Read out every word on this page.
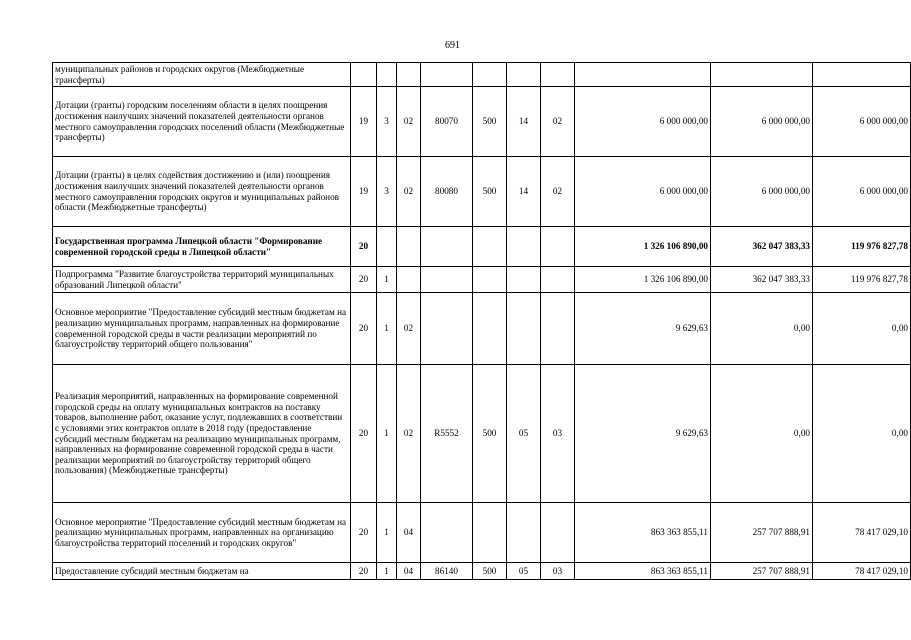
691
муниципальных районов и городских округов (Межбюджетные трансферты)										
Дотации (гранты) городским поселениям области в целях поощрения достижения наилучших значений показателей деятельности органов местного самоуправления городских поселений области (Межбюджетные трансферты)	19	3	02	80070	500	14	02	6 000 000,00	6 000 000,00	6 000 000,00
Дотации (гранты) в целях содействия достижению и (или) поощрения достижения наилучших значений показателей деятельности органов местного самоуправления городских округов и муниципальных районов области (Межбюджетные трансферты)	19	3	02	80080	500	14	02	6 000 000,00	6 000 000,00	6 000 000,00
Государственная программа Липецкой области "Формирование современной городской среды в Липецкой области"	20							1 326 106 890,00	362 047 383,33	119 976 827,78
Подпрограмма "Развитие благоустройства территорий муниципальных образований Липецкой области"	20	1						1 326 106 890,00	362 047 383,33	119 976 827,78
Основное мероприятие "Предоставление субсидий местным бюджетам на реализацию муниципальных программ, направленных на формирование современной городской среды в части реализации мероприятий по благоустройству территорий общего пользования"	20	1	02					9 629,63	0,00	0,00
Реализация мероприятий, направленных на формирование современной городской среды на оплату муниципальных контрактов на поставку товаров, выполнение работ, оказание услуг, подлежавших в соответствии с условиями этих контрактов оплате в 2018 году (предоставление субсидий местным бюджетам на реализацию муниципальных программ, направленных на формирование современной городской среды в части реализации мероприятий по благоустройству территорий общего пользования) (Межбюджетные трансферты)	20	1	02	R5552	500	05	03	9 629,63	0,00	0,00
Основное мероприятие "Предоставление субсидий местным бюджетам на реализацию муниципальных программ, направленных на организацию благоустройства территорий поселений и городских округов"	20	1	04					863 363 855,11	257 707 888,91	78 417 029,10
Предоставление субсидий местным бюджетам на	20	1	04	86140	500	05	03	863 363 855,11	257 707 888,91	78 417 029,10
